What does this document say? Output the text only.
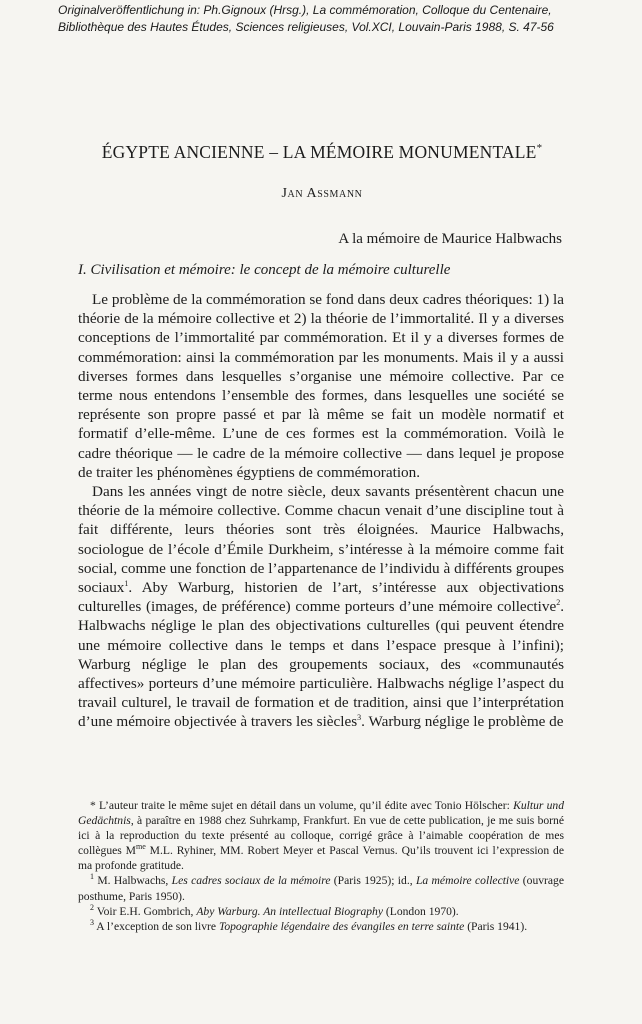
Originalveröffentlichung in: Ph.Gignoux (Hrsg.), La commémoration, Colloque du Centenaire,
Bibliothèque des Hautes Études, Sciences religieuses, Vol.XCI, Louvain-Paris 1988, S. 47-56
ÉGYPTE ANCIENNE – LA MÉMOIRE MONUMENTALE*
Jan Assmann
A la mémoire de Maurice Halbwachs
I. Civilisation et mémoire: le concept de la mémoire culturelle

Le problème de la commémoration se fond dans deux cadres théoriques: 1) la théorie de la mémoire collective et 2) la théorie de l’immortalité. Il y a diverses conceptions de l’immortalité par commémoration. Et il y a diverses formes de commémoration: ainsi la commémoration par les monuments. Mais il y a aussi diverses formes dans lesquelles s’organise une mémoire collective. Par ce terme nous entendons l’ensemble des formes, dans lesquelles une société se représente son propre passé et par là même se fait un modèle normatif et formatif d’elle-même. L’une de ces formes est la commémoration. Voilà le cadre théorique — le cadre de la mémoire collective — dans lequel je propose de traiter les phénomènes égyptiens de commémoration.

Dans les années vingt de notre siècle, deux savants présentèrent chacun une théorie de la mémoire collective. Comme chacun venait d’une discipline tout à fait différente, leurs théories sont très éloignées. Maurice Halbwachs, sociologue de l’école d’Émile Durkheim, s’intéresse à la mémoire comme fait social, comme une fonction de l’appartenance de l’individu à différents groupes sociaux$^1$. Aby Warburg, historien de l’art, s’intéresse aux objectivations culturelles (images, de préférence) comme porteurs d’une mémoire collective$^2$. Halbwachs néglige le plan des objectivations culturelles (qui peuvent étendre une mémoire collective dans le temps et dans l’espace presque à l’infini); Warburg néglige le plan des groupements sociaux, des «communautés affectives» porteurs d’une mémoire particulière. Halbwachs néglige l’aspect du travail culturel, le travail de formation et de tradition, ainsi que l’interprétation d’une mémoire objectivée à travers les siècles$^3$. Warburg néglige le problème de

* L’auteur traite le même sujet en détail dans un volume, qu’il édite avec Tonio Hölscher: Kultur und Gedächtnis, à paraître en 1988 chez Suhrkamp, Frankfurt. En vue de cette publication, je me suis borné ici à la reproduction du texte présenté au colloque, corrigé grâce à l’aimable coopération de mes collègues $M^{me}$ M.L. Ryhiner, MM. Robert Meyer et Pascal Vernus. Qu’ils trouvent ici l’expression de ma profonde gratitude.

$^1$ M. Halbwachs, Les cadres sociaux de la mémoire (Paris 1925); id., La mémoire collective (ouvrage posthume, Paris 1950).

$^2$ Voir E.H. Gombrich, Aby Warburg. An intellectual Biography (London 1970).

$^3$ A l’exception de son livre Topographie légendaire des évangiles en terre sainte (Paris 1941).
